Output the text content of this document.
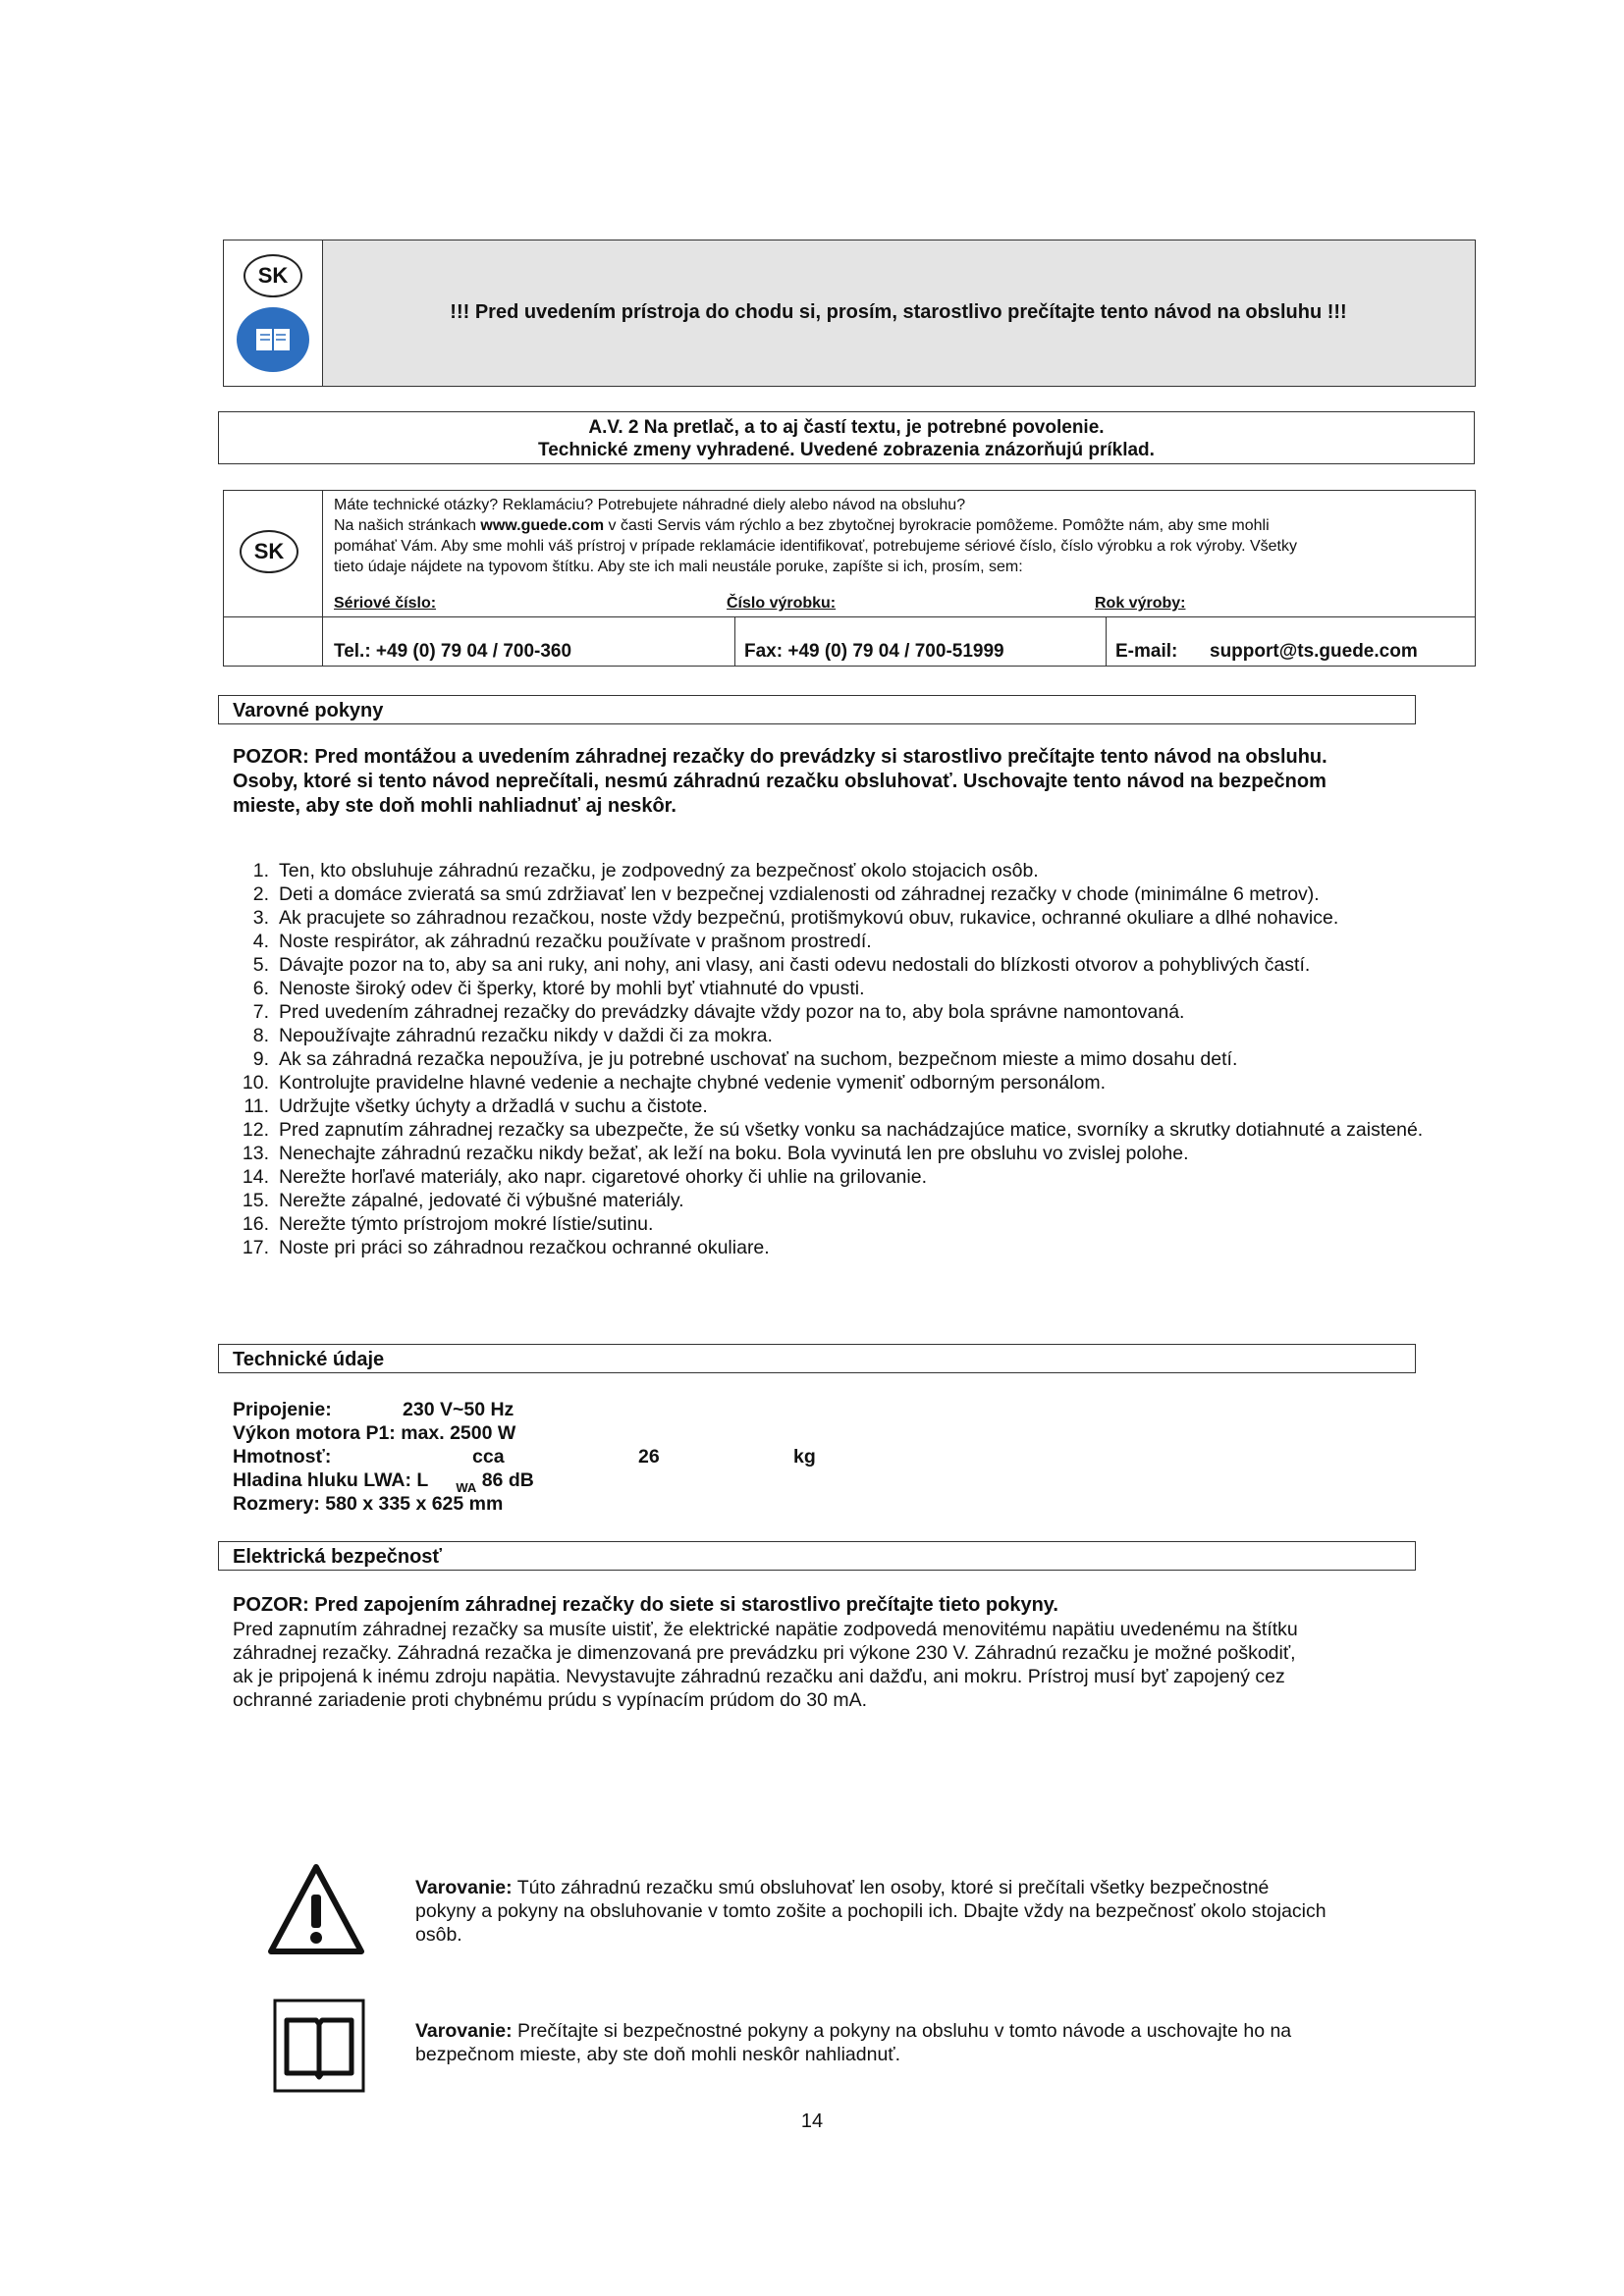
SK
!!! Pred uvedením prístroja do chodu si, prosím, starostlivo prečítajte tento návod na obsluhu !!!
A.V. 2 Na pretlač, a to aj častí textu, je potrebné povolenie.
Technické zmeny vyhradené. Uvedené zobrazenia znázorňujú príklad.
SK
Máte technické otázky? Reklamáciu? Potrebujete náhradné diely alebo návod na obsluhu?
Na našich stránkach www.guede.com v časti Servis vám rýchlo a bez zbytočnej byrokracie pomôžeme. Pomôžte nám, aby sme mohli
pomáhať Vám. Aby sme mohli váš prístroj v prípade reklamácie identifikovať, potrebujeme sériové číslo, číslo výrobku a rok výroby. Všetky
tieto údaje nájdete na typovom štítku. Aby ste ich mali neustále poruke, zapíšte si ich, prosím, sem:
Sériové číslo:	Číslo výrobku:	Rok výroby:
Tel.: +49 (0) 79 04 / 700-360	Fax: +49 (0) 79 04 / 700-51999	E-mail: support@ts.guede.com
Varovné pokyny
POZOR: Pred montážou a uvedením záhradnej rezačky do prevádzky si starostlivo prečítajte tento návod na obsluhu.
Osoby, ktoré si tento návod neprečítali, nesmú záhradnú rezačku obsluhovať. Uschovajte tento návod na bezpečnom
mieste, aby ste doň mohli nahliadnuť aj neskôr.
1. Ten, kto obsluhuje záhradnú rezačku, je zodpovedný za bezpečnosť okolo stojacich osôb.
2. Deti a domáce zvieratá sa smú zdržiavať len v bezpečnej vzdialenosti od záhradnej rezačky v chode (minimálne 6 metrov).
3. Ak pracujete so záhradnou rezačkou, noste vždy bezpečnú, protišmykovú obuv, rukavice, ochranné okuliare a dlhé nohavice.
4. Noste respirátor, ak záhradnú rezačku používate v prašnom prostredí.
5. Dávajte pozor na to, aby sa ani ruky, ani nohy, ani vlasy, ani časti odevu nedostali do blízkosti otvorov a pohyblivých častí.
6. Nenoste široký odev či šperky, ktoré by mohli byť vtiahnuté do vpusti.
7. Pred uvedením záhradnej rezačky do prevádzky dávajte vždy pozor na to, aby bola správne namontovaná.
8. Nepoužívajte záhradnú rezačku nikdy v daždi či za mokra.
9. Ak sa záhradná rezačka nepoužíva, je ju potrebné uschovať na suchom, bezpečnom mieste a mimo dosahu detí.
10. Kontrolujte pravidelne hlavné vedenie a nechajte chybné vedenie vymeniť odborným personálom.
11. Udržujte všetky úchyty a držadlá v suchu a čistote.
12. Pred zapnutím záhradnej rezačky sa ubezpečte, že sú všetky vonku sa nachádzajúce matice, svorníky a skrutky dotiahnuté a zaistené.
13. Nenechajte záhradnú rezačku nikdy bežať, ak leží na boku. Bola vyvinutá len pre obsluhu vo zvislej polohe.
14. Nerežte horľavé materiály, ako napr. cigaretové ohorky či uhlie na grilovanie.
15. Nerežte zápalné, jedovaté či výbušné materiály.
16. Nerežte týmto prístrojom mokré lístie/sutinu.
17. Noste pri práci so záhradnou rezačkou ochranné okuliare.
Technické údaje
Pripojenie:	230 V~50 Hz
Výkon motora P1: max. 2500 W
Hmotnosť:	cca	26	kg
Hladina hluku LWA: L $_{WA}$ 86 dB
Rozmery: 580 x 335 x 625 mm
Elektrická bezpečnosť
POZOR: Pred zapojením záhradnej rezačky do siete si starostlivo prečítajte tieto pokyny.
Pred zapnutím záhradnej rezačky sa musíte uistiť, že elektrické napätie zodpovedá menovitému napätiu uvedenému na štítku
záhradnej rezačky. Záhradná rezačka je dimenzovaná pre prevádzku pri výkone 230 V. Záhradnú rezačku je možné poškodiť,
ak je pripojená k inému zdroju napätia. Nevystavujte záhradnú rezačku ani dažďu, ani mokru. Prístroj musí byť zapojený cez
ochranné zariadenie proti chybnému prúdu s vypínacím prúdom do 30 mA.
Varovanie: Túto záhradnú rezačku smú obsluhovať len osoby, ktoré si prečítali všetky bezpečnostné
pokyny a pokyny na obsluhovanie v tomto zošite a pochopili ich. Dbajte vždy na bezpečnosť okolo stojacich
osôb.
Varovanie: Prečítajte si bezpečnostné pokyny a pokyny na obsluhu v tomto návode a uschovajte ho na
bezpečnom mieste, aby ste doň mohli neskôr nahliadnuť.
14
